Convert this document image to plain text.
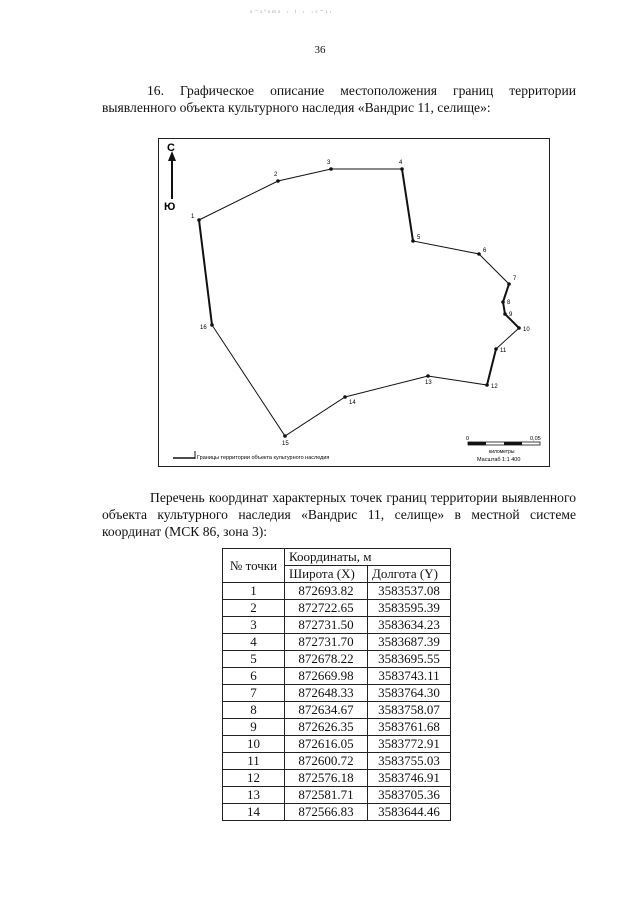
ᵒ⁻ˢ'ᵒᵐᵒ · ˡ · ·ᶜ⁻ᵗ·
36
16. Графическое описание местоположения границ территории выявленного объекта культурного наследия «Вандрис 11, селище»:
1
2
3	4
5
6
7
8
9
10
11
12
13
14
15
16
С
Ю
Границы территории объекта культурного наследия
0	0,05
километры
Масштаб 1:1 400
Перечень координат характерных точек границ территории выявленного объекта культурного наследия «Вандрис 11, селище» в местной системе координат (МСК 86, зона 3):
№ точки	Координаты, м	
	Широта (X)	Долгота (Y)
1	872693.82	3583537.08
2	872722.65	3583595.39
3	872731.50	3583634.23
4	872731.70	3583687.39
5	872678.22	3583695.55
6	872669.98	3583743.11
7	872648.33	3583764.30
8	872634.67	3583758.07
9	872626.35	3583761.68
10	872616.05	3583772.91
11	872600.72	3583755.03
12	872576.18	3583746.91
13	872581.71	3583705.36
14	872566.83	3583644.46
